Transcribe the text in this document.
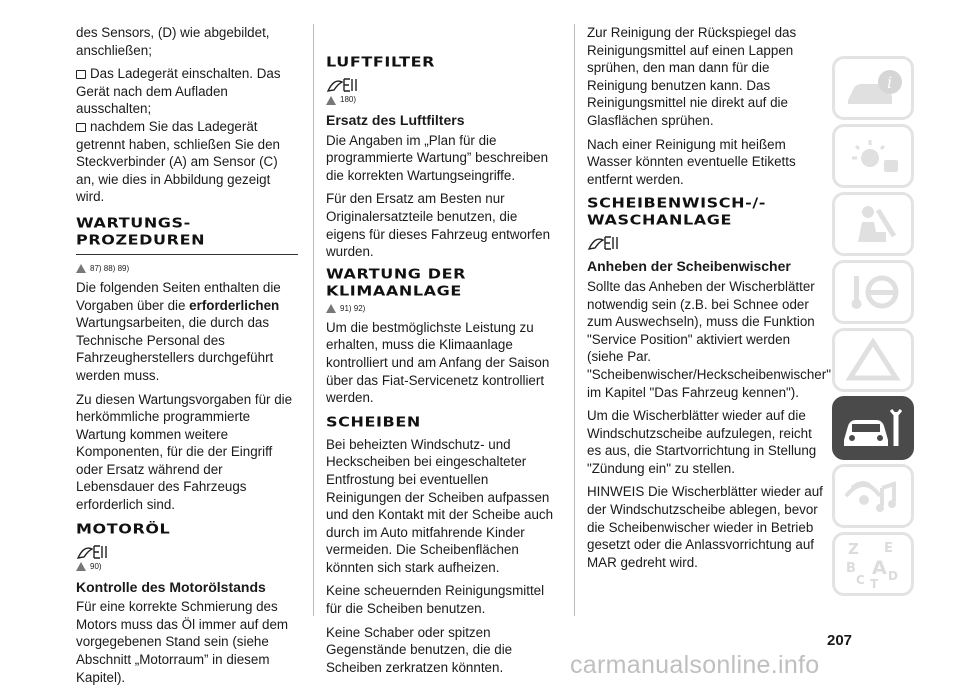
des Sensors, (D) wie abgebildet, anschließen;

Das Ladegerät einschalten. Das Gerät nach dem Aufladen ausschalten;

nachdem Sie das Ladegerät getrennt haben, schließen Sie den Steckverbinder (A) am Sensor (C) an, wie dies in Abbildung gezeigt wird.

WARTUNGS-
PROZEDUREN
87) 88) 89)

Die folgenden Seiten enthalten die Vorgaben über die erforderlichen Wartungsarbeiten, die durch das Technische Personal des Fahrzeugherstellers durchgeführt werden muss.

Zu diesen Wartungsvorgaben für die herkömmliche programmierte Wartung kommen weitere Komponenten, für die der Eingriff oder Ersatz während der Lebensdauer des Fahrzeugs erforderlich sind.

MOTORÖL
90)
Kontrolle des Motorölstands

Für eine korrekte Schmierung des Motors muss das Öl immer auf dem vorgegebenen Stand sein (siehe Abschnitt „Motorraum” in diesem Kapitel).

LUFTFILTER
180)
Ersatz des Luftfilters

Die Angaben im „Plan für die programmierte Wartung” beschreiben die korrekten Wartungseingriffe.

Für den Ersatz am Besten nur Originalersatzteile benutzen, die eigens für dieses Fahrzeug entworfen wurden.

WARTUNG DER
KLIMAANLAGE
91) 92)

Um die bestmöglichste Leistung zu erhalten, muss die Klimaanlage kontrolliert und am Anfang der Saison über das Fiat-Servicenetz kontrolliert werden.

SCHEIBEN

Bei beheizten Windschutz- und Heckscheiben bei eingeschalteter Entfrostung bei eventuellen Reinigungen der Scheiben aufpassen und den Kontakt mit der Scheibe auch durch im Auto mitfahrende Kinder vermeiden. Die Scheibenflächen könnten sich stark aufheizen.

Keine scheuernden Reinigungsmittel für die Scheiben benutzen.

Keine Schaber oder spitzen Gegenstände benutzen, die die Scheiben zerkratzen könnten.

Zur Reinigung der Rückspiegel das Reinigungsmittel auf einen Lappen sprühen, den man dann für die Reinigung benutzen kann. Das Reinigungsmittel nie direkt auf die Glasflächen sprühen.

Nach einer Reinigung mit heißem Wasser könnten eventuelle Etiketts entfernt werden.

SCHEIBENWISCH-/-
WASCHANLAGE
Anheben der Scheibenwischer

Sollte das Anheben der Wischerblätter notwendig sein (z.B. bei Schnee oder zum Auswechseln), muss die Funktion "Service Position" aktiviert werden (siehe Par. "Scheibenwischer/Heckscheibenwischer" im Kapitel "Das Fahrzeug kennen").

Um die Wischerblätter wieder auf die Windschutzscheibe aufzulegen, reicht es aus, die Startvorrichtung in Stellung "Zündung ein" zu stellen.

HINWEIS Die Wischerblätter wieder auf der Windschutzscheibe ablegen, bevor die Scheibenwischer wieder in Betrieb gesetzt oder die Anlassvorrichtung auf MAR gedreht wird.

i
Z E
B A
C T
D
207
carmanualsonline.info
